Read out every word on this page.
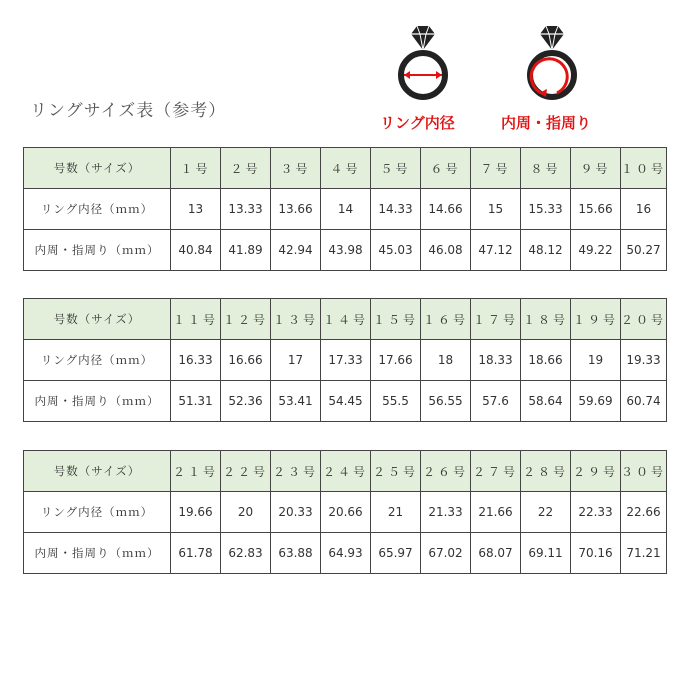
リングサイズ表（参考）
リング内径	内周・指周り
号数（サイズ）	１号	２号	３号	４号	５号	６号	７号	８号	９号	１０号
リング内径（ｍｍ）	13	13.33	13.66	14	14.33	14.66	15	15.33	15.66	16
内周・指周り（ｍｍ）	40.84	41.89	42.94	43.98	45.03	46.08	47.12	48.12	49.22	50.27
号数（サイズ）	１１号	１２号	１３号	１４号	１５号	１６号	１７号	１８号	１９号	２０号
リング内径（ｍｍ）	16.33	16.66	17	17.33	17.66	18	18.33	18.66	19	19.33
内周・指周り（ｍｍ）	51.31	52.36	53.41	54.45	55.5	56.55	57.6	58.64	59.69	60.74
号数（サイズ）	２１号	２２号	２３号	２４号	２５号	２６号	２７号	２８号	２９号	３０号
リング内径（ｍｍ）	19.66	20	20.33	20.66	21	21.33	21.66	22	22.33	22.66
内周・指周り（ｍｍ）	61.78	62.83	63.88	64.93	65.97	67.02	68.07	69.11	70.16	71.21
